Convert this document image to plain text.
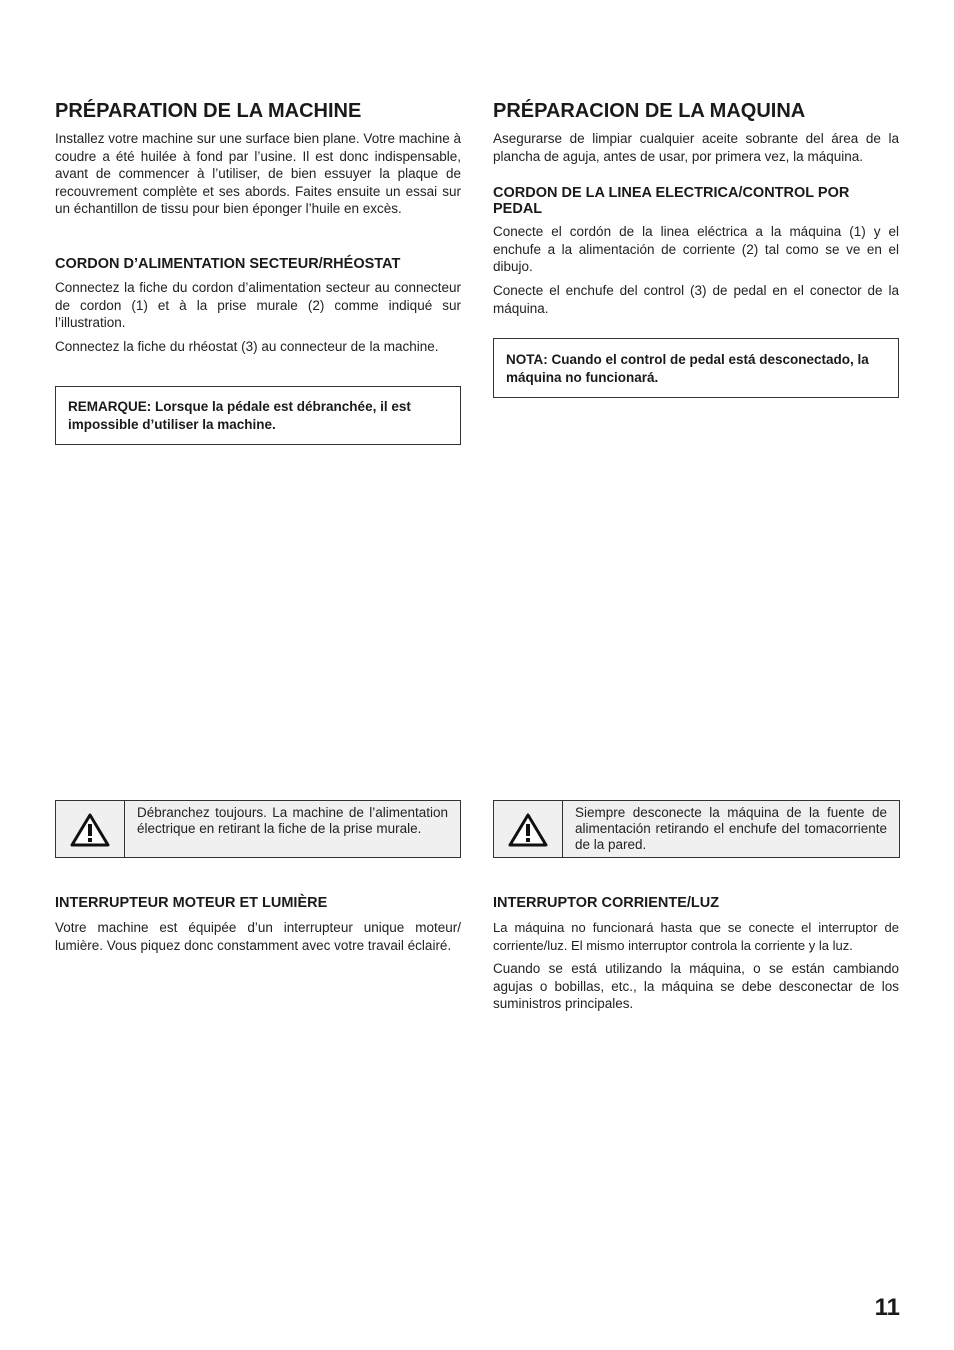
PRÉPARATION DE LA MACHINE

Installez votre machine sur une surface bien plane. Votre machine à coudre a été huilée à fond par l’usine. Il est donc indispensable, avant de commencer à l’utiliser, de bien essuyer la plaque de recouvrement complète et ses abords. Faites ensuite un essai sur un échantillon de tissu pour bien éponger l’huile en excès.

CORDON D’ALIMENTATION SECTEUR/RHÉOSTAT

Connectez la fiche du cordon d’alimentation secteur au connecteur de cordon (1) et à la prise murale (2) comme indiqué sur l’illustration.

Connectez la fiche du rhéostat (3) au connecteur de la machine.

REMARQUE: Lorsque la pédale est débranchée, il est impossible d’utiliser la machine.
Débranchez toujours. La machine de l’alimentation électrique en retirant la fiche de la prise murale.
INTERRUPTEUR MOTEUR ET LUMIÈRE

Votre machine est équipée d’un interrupteur unique moteur/ lumière. Vous piquez donc constamment avec votre travail éclairé.

PRÉPARACION DE LA MAQUINA

Asegurarse de limpiar cualquier aceite sobrante del área de la plancha de aguja, antes de usar, por primera vez, la máquina.

CORDON DE LA LINEA ELECTRICA/CONTROL POR PEDAL

Conecte el cordón de la linea eléctrica a la máquina (1) y el enchufe a la alimentación de corriente (2) tal como se ve en el dibujo.

Conecte el enchufe del control (3) de pedal en el conector de la máquina.

NOTA: Cuando el control de pedal está desconectado, la máquina no funcionará.
Siempre desconecte la máquina de la fuente de alimentación retirando el enchufe del tomacorriente de la pared.
INTERRUPTOR CORRIENTE/LUZ

La máquina no funcionará hasta que se conecte el interruptor de corriente/luz. El mismo interruptor controla la corriente y la luz.

Cuando se está utilizando la máquina, o se están cambiando agujas o bobillas, etc., la máquina se debe desconectar de los suministros principales.

11
